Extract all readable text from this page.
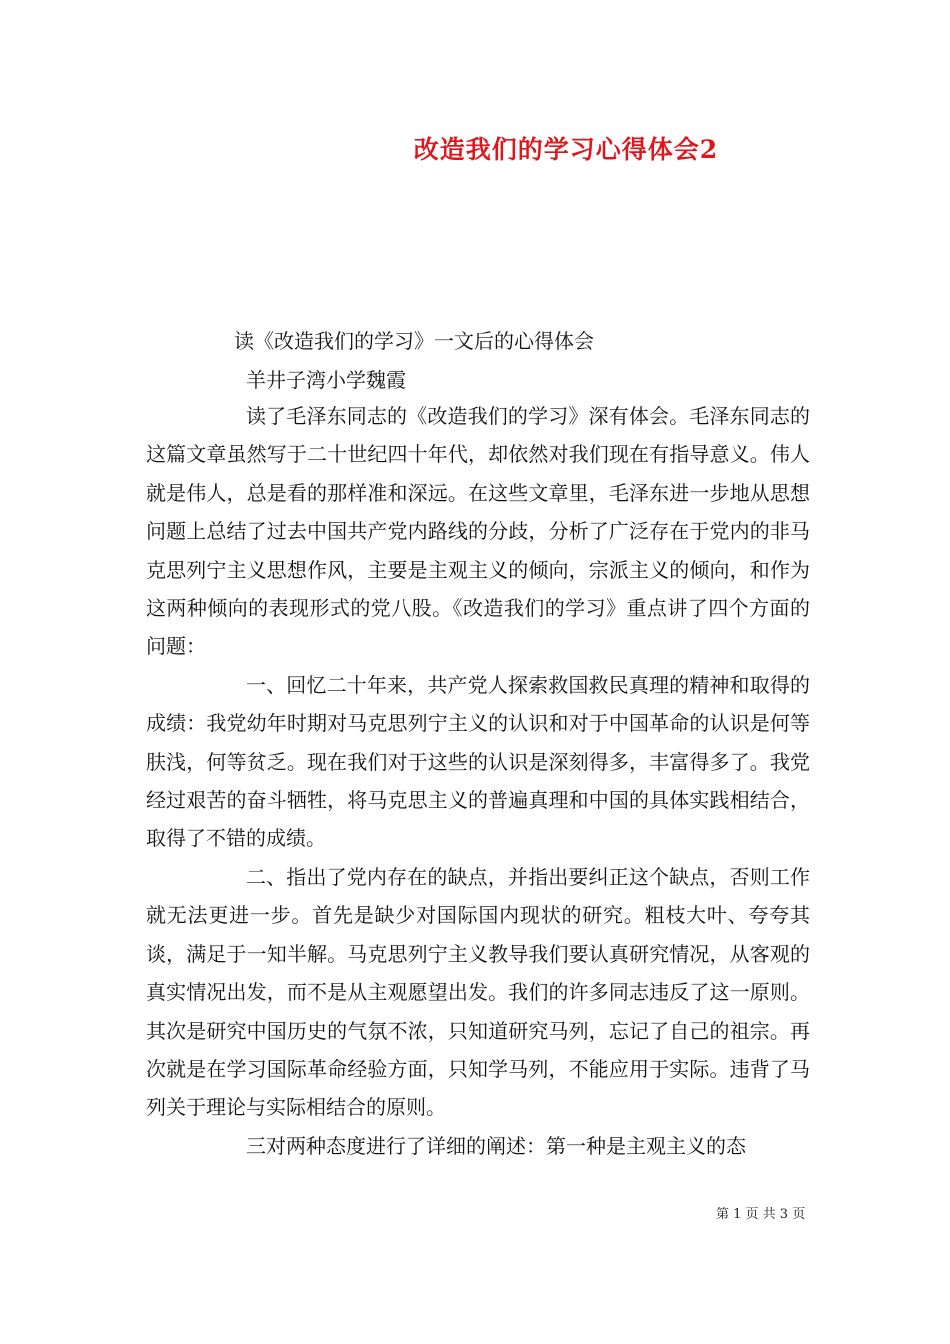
改造我们的学习心得体会2
读《改造我们的学习》一文后的心得体会
羊井子湾小学魏霞

读了毛泽东同志的《改造我们的学习》深有体会。毛泽东同志的这篇文章虽然写于二十世纪四十年代，却依然对我们现在有指导意义。伟人就是伟人，总是看的那样准和深远。在这些文章里，毛泽东进一步地从思想问题上总结了过去中国共产党内路线的分歧，分析了广泛存在于党内的非马克思列宁主义思想作风，主要是主观主义的倾向，宗派主义的倾向，和作为这两种倾向的表现形式的党八股。《改造我们的学习》重点讲了四个方面的问题：

一、回忆二十年来，共产党人探索救国救民真理的精神和取得的成绩：我党幼年时期对马克思列宁主义的认识和对于中国革命的认识是何等肤浅，何等贫乏。现在我们对于这些的认识是深刻得多，丰富得多了。我党经过艰苦的奋斗牺牲，将马克思主义的普遍真理和中国的具体实践相结合，取得了不错的成绩。

二、指出了党内存在的缺点，并指出要纠正这个缺点，否则工作就无法更进一步。首先是缺少对国际国内现状的研究。粗枝大叶、夸夸其谈，满足于一知半解。马克思列宁主义教导我们要认真研究情况，从客观的真实情况出发，而不是从主观愿望出发。我们的许多同志违反了这一原则。其次是研究中国历史的气氛不浓，只知道研究马列，忘记了自己的祖宗。再次就是在学习国际革命经验方面，只知学马列，不能应用于实际。违背了马列关于理论与实际相结合的原则。

三对两种态度进行了详细的阐述：第一种是主观主义的态

第 1 页 共 3 页
